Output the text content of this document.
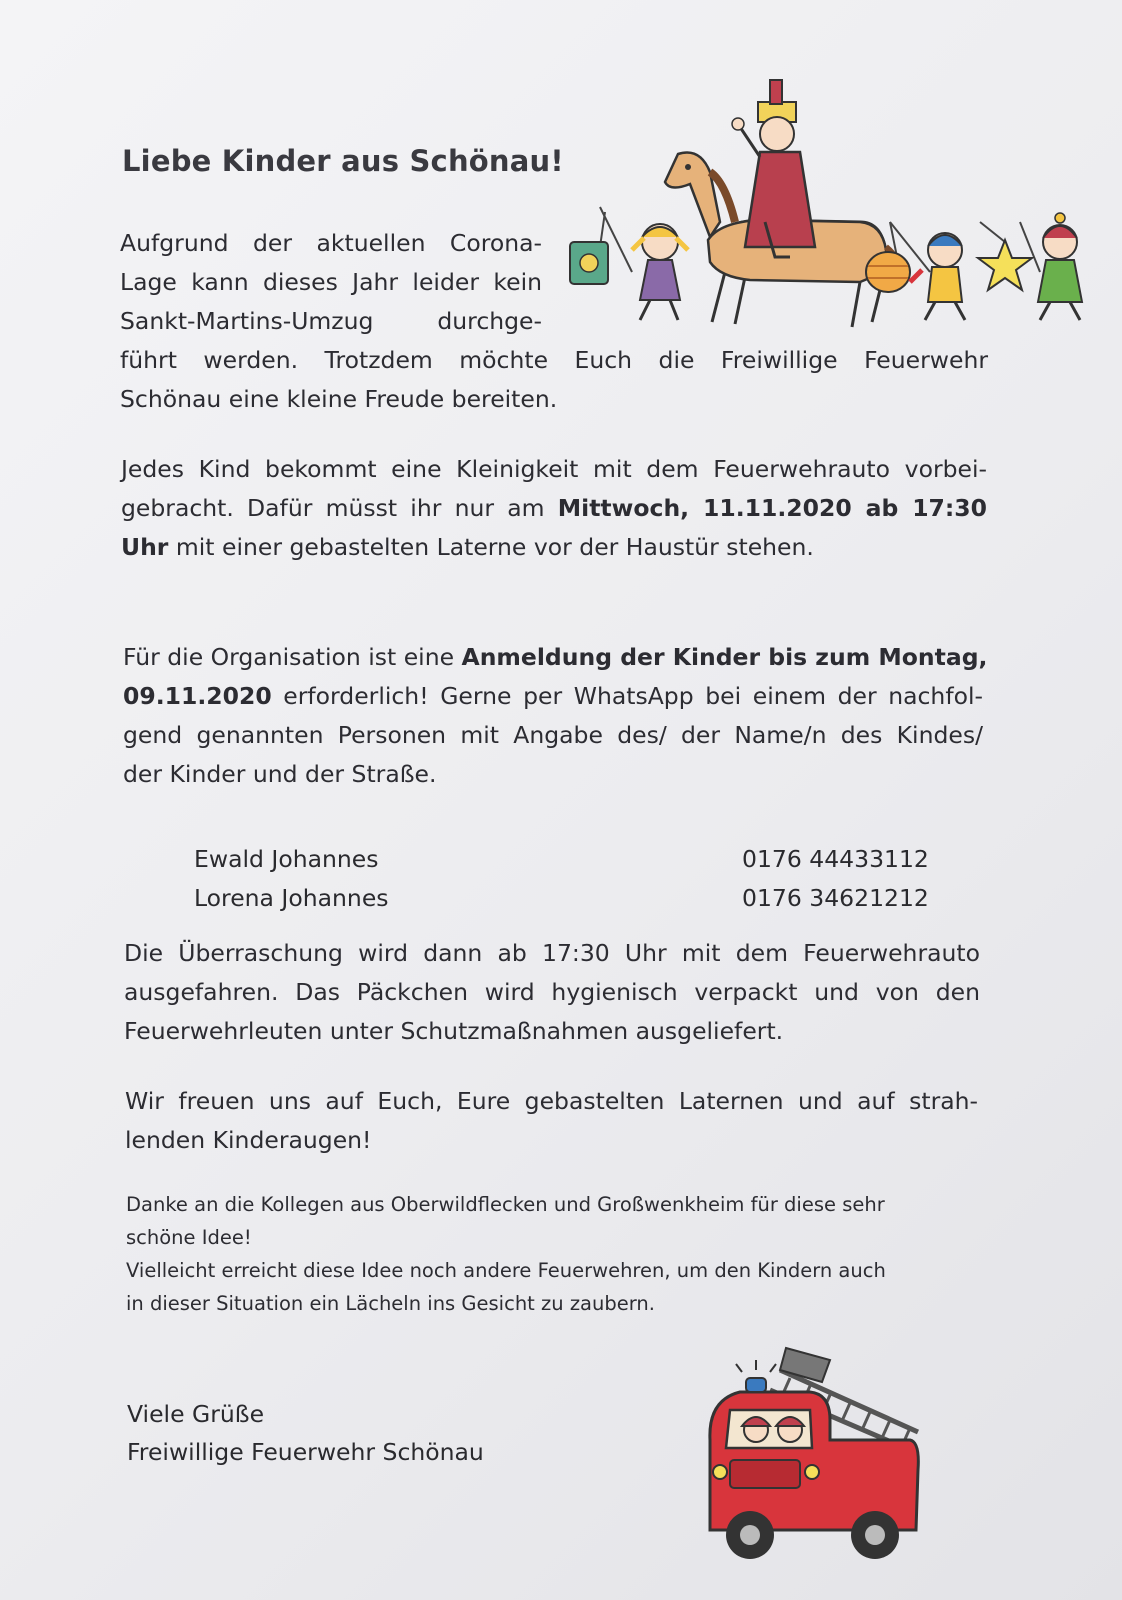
Liebe Kinder aus Schönau!
Aufgrund der aktuellen Corona-
Lage kann dieses Jahr leider kein
Sankt-Martins-Umzug durchge-
führt werden. Trotzdem möchte Euch die Freiwillige Feuerwehr
Schönau eine kleine Freude bereiten.
Jedes Kind bekommt eine Kleinigkeit mit dem Feuerwehrauto vorbei-
gebracht. Dafür müsst ihr nur am Mittwoch, 11.11.2020 ab 17:30
Uhr mit einer gebastelten Laterne vor der Haustür stehen.
Für die Organisation ist eine Anmeldung der Kinder bis zum Montag,
09.11.2020 erforderlich! Gerne per WhatsApp bei einem der nachfol-
gend genannten Personen mit Angabe des/ der Name/n des Kindes/
der Kinder und der Straße.
Ewald Johannes	0176 44433112
Lorena Johannes	0176 34621212
Die Überraschung wird dann ab 17:30 Uhr mit dem Feuerwehrauto
ausgefahren. Das Päckchen wird hygienisch verpackt und von den
Feuerwehrleuten unter Schutzmaßnahmen ausgeliefert.
Wir freuen uns auf Euch, Eure gebastelten Laternen und auf strah-
lenden Kinderaugen!
Danke an die Kollegen aus Oberwildflecken und Großwenkheim für diese sehr
schöne Idee!
Vielleicht erreicht diese Idee noch andere Feuerwehren, um den Kindern auch
in dieser Situation ein Lächeln ins Gesicht zu zaubern.
Viele Grüße
Freiwillige Feuerwehr Schönau
